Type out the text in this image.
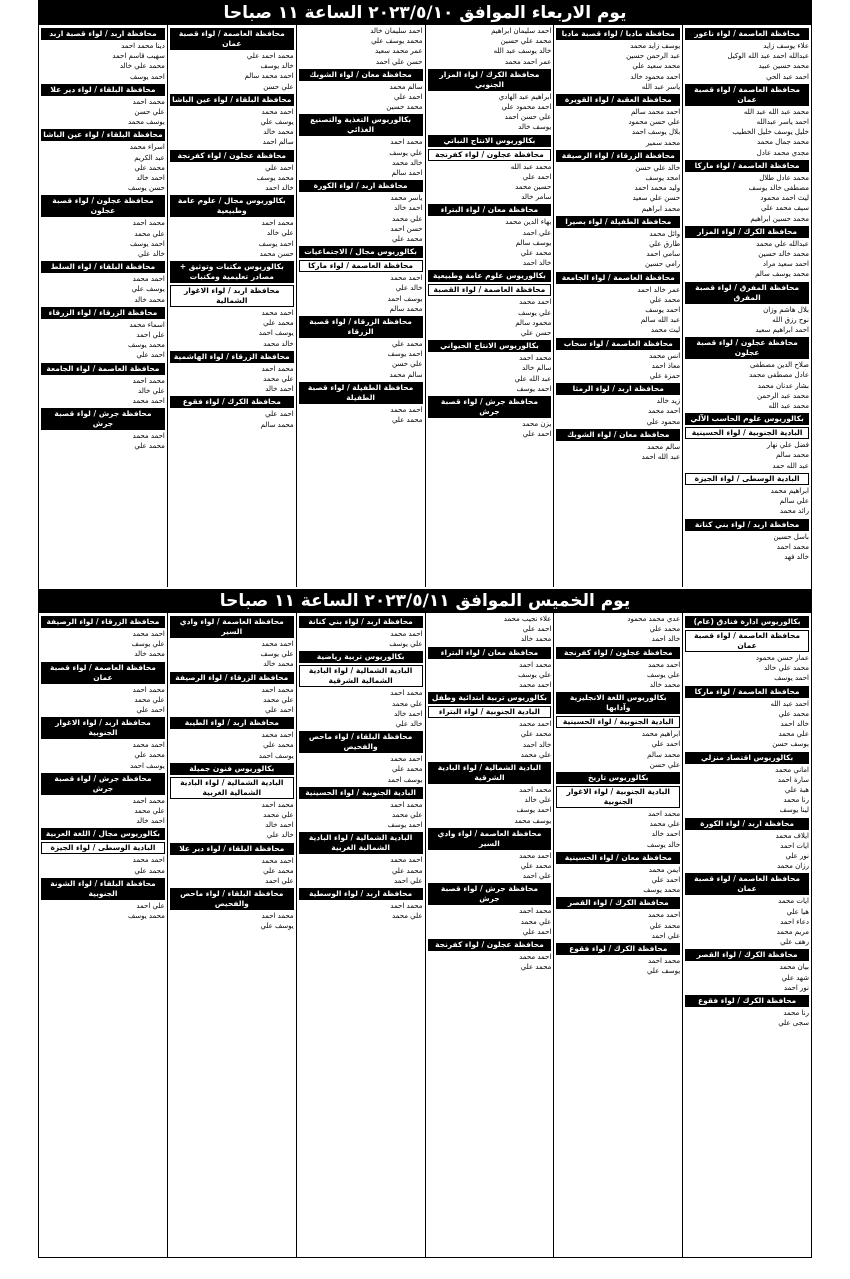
يوم الاربعاء الموافق ٢٠٢٣/٥/١٠ الساعة ١١ صباحا
محافظة العاصمة / لواء ناعور
علاء يوسف زايد
عبدالله احمد عبد الله الوكيل
محمد حسين عبيد
احمد عبد الحي
محافظة العاصمة / لواء قصبة عمان
محمد عبد الله عبد الله
احمد ياسر عبدالله
خليل يوسف خليل الخطيب
محمد جمال محمد
مجدي محمد عادل
محافظة العاصمة / لواء ماركا
محمد عادل طلال
مصطفى خالد يوسف
ليث احمد محمود
سيف محمد علي
محمد حسين ابراهيم
محافظة الكرك / لواء المزار
عبدالله علي محمد
محمد خالد حسين
احمد سعيد مراد
محمد يوسف سالم
محافظة المفرق / لواء قصبة المفرق
بلال هاشم وزان
نوح رزق الله
احمد ابراهيم سعيد
محافظة عجلون / لواء قصبة عجلون
صلاح الدين مصطفى
عادل مصطفى محمد
بشار عدنان محمد
محمد عبد الرحمن
محمد عبد الله
بكالوريوس علوم الحاسب الآلي
البادية الجنوبية / لواء الحسينية
فضل علي نهار
محمد سالم
عبد الله حمد
البادية الوسطى / لواء الجيزة
ابراهيم محمد
علي سالم
رائد محمد
محافظة اربد / لواء بني كنانة
باسل حسين
محمد احمد
خالد فهد
محافظة مادبا / لواء قصبة مادبا
يوسف زايد محمد
عبد الرحمن حسين
محمد سعيد علي
احمد محمود خالد
ياسر عبد الله
محافظة العقبة / لواء القويرة
احمد محمد سالم
علي حسن محمود
بلال يوسف احمد
محمد سمير
محافظة الزرقاء / لواء الرصيفة
خالد علي حسن
امجد يوسف
وليد محمد احمد
حسن علي سعيد
محمد ابراهيم
محافظة الطفيلة / لواء بصيرا
وائل محمد
طارق علي
سامي احمد
رامي حسين
محافظة العاصمة / لواء الجامعة
عمر خالد احمد
محمد علي
احمد يوسف
عبد الله سالم
ليث محمد
محافظة العاصمة / لواء سحاب
انس محمد
معاذ احمد
حمزة علي
محافظة اربد / لواء الرمثا
زيد خالد
احمد محمد
محمود علي
محافظة معان / لواء الشوبك
سالم محمد
عبد الله احمد
احمد سليمان ابراهيم
محمد علي حسين
خالد يوسف عبد الله
عمر احمد محمد
محافظة الكرك / لواء المزار الجنوبي
ابراهيم عبد الهادي
احمد محمود علي
علي حسن احمد
يوسف خالد
بكالوريوس الانتاج النباتي
محافظة عجلون / لواء كفرنجة
محمد عبد الله
احمد علي
حسين محمد
سامر خالد
محافظة معان / لواء البتراء
بهاء الدين محمد
علي احمد
يوسف سالم
محمد علي
خالد احمد
بكالوريوس علوم عامة وطبيعية
محافظة العاصمة / لواء القصبة
احمد محمد
علي يوسف
محمود سالم
حسن علي
بكالوريوس الانتاج الحيواني
محمد احمد
سالم خالد
عبد الله علي
احمد يوسف
محافظة جرش / لواء قصبة جرش
يزن محمد
احمد علي
احمد سليمان خالد
محمد يوسف علي
عمر محمد سعيد
حسن علي احمد
محافظة معان / لواء الشوبك
سالم محمد
احمد علي
محمد حسين
بكالوريوس التغذية والتصنيع الغذائي
محمد احمد
علي يوسف
خالد محمد
احمد سالم
محافظة اربد / لواء الكورة
ياسر محمد
احمد خالد
علي محمد
حسن احمد
محمد علي
بكالوريوس مجال / الاجتماعيات
محافظة العاصمة / لواء ماركا
احمد محمد
خالد علي
يوسف احمد
محمد سالم
محافظة الزرقاء / لواء قصبة الزرقاء
محمد علي
احمد يوسف
علي حسن
سالم محمد
محافظة الطفيلة / لواء قصبة الطفيلة
احمد محمد
محمد علي
محافظة العاصمة / لواء قصبة عمان
محمد احمد علي
خالد يوسف
احمد محمد سالم
علي حسن
محافظة البلقاء / لواء عين الباشا
احمد محمد
يوسف علي
محمد خالد
سالم احمد
محافظة عجلون / لواء كفرنجة
احمد علي
محمد يوسف
خالد احمد
بكالوريوس مجال / علوم عامة وطبيعية
محمد احمد
علي خالد
احمد يوسف
حسن محمد
بكالوريوس مكتبات وتوثيق + مصادر تعليمية ومكتبات
محافظة اربد / لواء الاغوار الشمالية
احمد محمد
محمد علي
يوسف احمد
خالد محمد
محافظة الزرقاء / لواء الهاشمية
محمد احمد
علي محمد
احمد خالد
محافظة الكرك / لواء فقوع
احمد علي
محمد سالم
محافظة اربد / لواء قصبة اربد
دينا محمد احمد
سهيب قاسم احمد
محمد علي خالد
احمد يوسف
محافظة البلقاء / لواء دير علا
محمد احمد
علي حسن
يوسف محمد
محافظة البلقاء / لواء عين الباشا
اسراء محمد
عبد الكريم
محمد علي
احمد خالد
حسن يوسف
محافظة عجلون / لواء قصبة عجلون
محمد احمد
علي محمد
احمد يوسف
خالد علي
محافظة البلقاء / لواء السلط
احمد محمد
يوسف علي
محمد خالد
محافظة الزرقاء / لواء الزرقاء
اسماء محمد
علي احمد
محمد يوسف
احمد علي
محافظة العاصمة / لواء الجامعة
محمد احمد
علي خالد
احمد محمد
محافظة جرش / لواء قصبة جرش
احمد محمد
محمد علي
يوم الخميس الموافق ٢٠٢٣/٥/١١ الساعة ١١ صباحا
بكالوريوس ادارة فنادق (عام)
محافظة العاصمة / لواء قصبة عمان
عمار حسن محمود
محمد علي خالد
احمد يوسف
محافظة العاصمة / لواء ماركا
احمد عبد الله
محمد علي
خالد احمد
علي محمد
يوسف حسن
بكالوريوس اقتصاد منزلي
اماني محمد
سارة احمد
هبة علي
رنا محمد
لينا يوسف
محافظة اربد / لواء الكورة
ايلاف محمد
ايات احمد
نور علي
رزان محمد
محافظة العاصمة / لواء قصبة عمان
ايات محمد
هيا علي
دعاء احمد
مريم محمد
رهف علي
محافظة الكرك / لواء القصر
بيان محمد
شهد علي
نور احمد
محافظة الكرك / لواء فقوع
رنا محمد
سجى علي
عدي محمد محمود
محمد علي
خالد احمد
محافظة عجلون / لواء كفرنجة
احمد محمد
علي يوسف
محمد خالد
بكالوريوس اللغة الانجليزية وآدابها
البادية الجنوبية / لواء الحسينية
ابراهيم محمد
احمد علي
محمد سالم
علي حسن
بكالوريوس تاريخ
البادية الجنوبية / لواء الاغوار الجنوبية
محمد احمد
علي محمد
احمد خالد
خالد يوسف
محافظة معان / لواء الحسينية
ايمن محمد
احمد علي
محمد يوسف
محافظة الكرك / لواء القصر
احمد محمد
محمد علي
علي احمد
محافظة الكرك / لواء فقوع
محمد احمد
يوسف علي
علاء نجيب محمد
احمد علي
محمد خالد
محافظة معان / لواء البتراء
محمد احمد
علي يوسف
احمد محمد
بكالوريوس تربية ابتدائية وطفل
البادية الجنوبية / لواء البتراء
احمد محمد
محمد علي
خالد احمد
علي محمد
البادية الشمالية / لواء البادية الشرقية
محمد احمد
علي خالد
احمد يوسف
يوسف محمد
محافظة العاصمة / لواء وادي السير
احمد محمد
محمد علي
علي احمد
محافظة جرش / لواء قصبة جرش
محمد احمد
علي محمد
احمد علي
محافظة عجلون / لواء كفرنجة
احمد محمد
محمد علي
محافظة اربد / لواء بني كنانة
احمد محمد
علي يوسف
بكالوريوس تربية رياضية
البادية الشمالية / لواء البادية الشمالية الشرقية
محمد احمد
علي محمد
احمد خالد
خالد علي
محافظة البلقاء / لواء ماحص والفحيص
احمد محمد
محمد علي
يوسف احمد
البادية الجنوبية / لواء الحسينية
محمد احمد
علي محمد
احمد يوسف
البادية الشمالية / لواء البادية الشمالية الغربية
احمد محمد
محمد علي
علي احمد
محافظة اربد / لواء الوسطية
محمد احمد
علي محمد
محافظة العاصمة / لواء وادي السير
احمد محمد
علي يوسف
محمد خالد
محافظة الزرقاء / لواء الرصيفة
محمد احمد
علي محمد
احمد علي
محافظة اربد / لواء الطيبة
احمد محمد
محمد علي
يوسف احمد
بكالوريوس فنون جميلة
البادية الشمالية / لواء البادية الشمالية الغربية
محمد احمد
علي محمد
احمد خالد
خالد علي
محافظة البلقاء / لواء دير علا
احمد محمد
محمد علي
علي احمد
محافظة البلقاء / لواء ماحص والفحيص
محمد احمد
يوسف علي
محافظة الزرقاء / لواء الرصيفة
احمد محمد
علي يوسف
محمد خالد
محافظة العاصمة / لواء قصبة عمان
محمد احمد
علي محمد
احمد علي
محافظة اربد / لواء الاغوار الجنوبية
احمد محمد
محمد علي
يوسف احمد
محافظة جرش / لواء قصبة جرش
محمد احمد
علي محمد
احمد خالد
بكالوريوس مجال / اللغة العربية
البادية الوسطى / لواء الجيزة
احمد محمد
محمد علي
محافظة البلقاء / لواء الشونة الجنوبية
علي احمد
محمد يوسف
